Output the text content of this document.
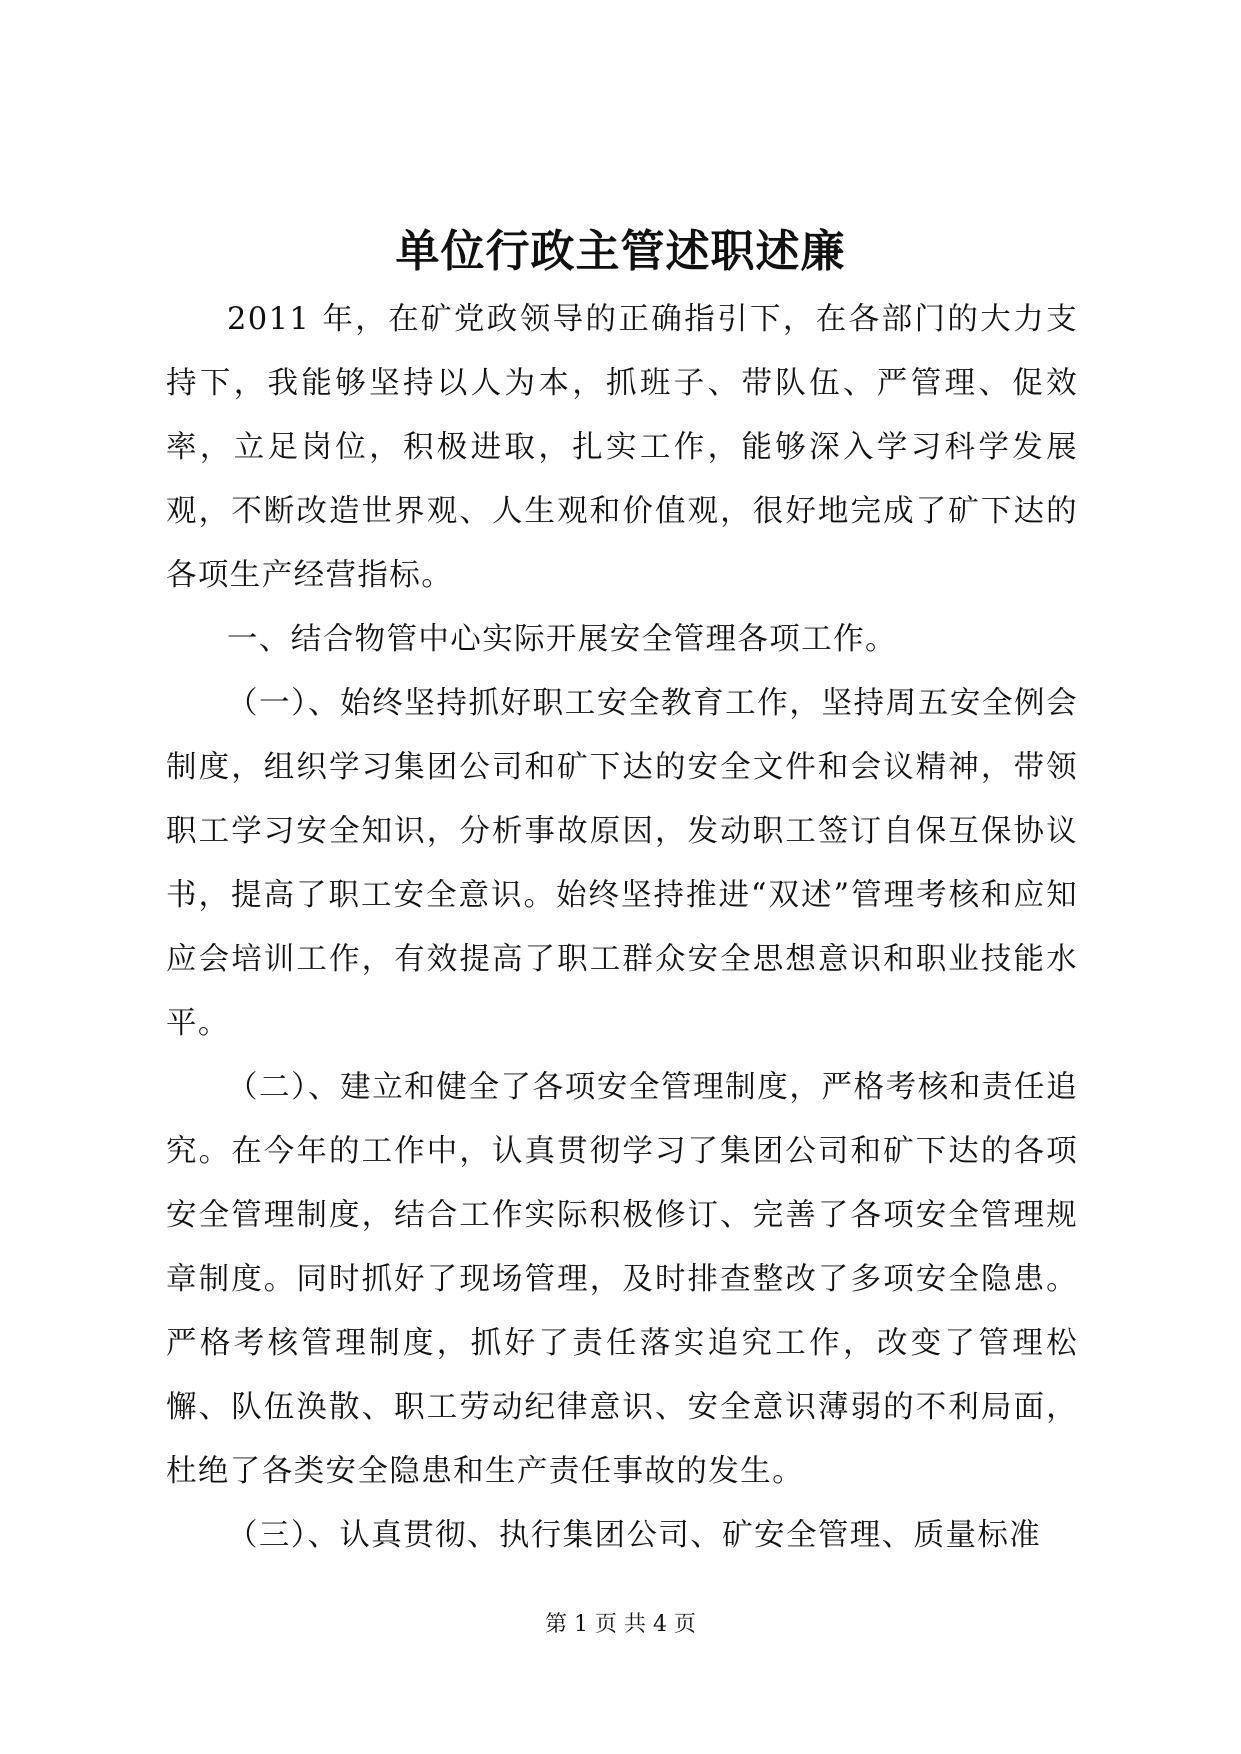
单位行政主管述职述廉

2011 年，在矿党政领导的正确指引下，在各部门的大力支持下，我能够坚持以人为本，抓班子、带队伍、严管理、促效率，立足岗位，积极进取，扎实工作，能够深入学习科学发展观，不断改造世界观、人生观和价值观，很好地完成了矿下达的各项生产经营指标。

一、结合物管中心实际开展安全管理各项工作。

（一）、始终坚持抓好职工安全教育工作，坚持周五安全例会制度，组织学习集团公司和矿下达的安全文件和会议精神，带领职工学习安全知识，分析事故原因，发动职工签订自保互保协议书，提高了职工安全意识。始终坚持推进“双述”管理考核和应知应会培训工作，有效提高了职工群众安全思想意识和职业技能水平。

（二）、建立和健全了各项安全管理制度，严格考核和责任追究。在今年的工作中，认真贯彻学习了集团公司和矿下达的各项安全管理制度，结合工作实际积极修订、完善了各项安全管理规章制度。同时抓好了现场管理，及时排查整改了多项安全隐患。严格考核管理制度，抓好了责任落实追究工作，改变了管理松懈、队伍涣散、职工劳动纪律意识、安全意识薄弱的不利局面，杜绝了各类安全隐患和生产责任事故的发生。

（三）、认真贯彻、执行集团公司、矿安全管理、质量标准

第 1 页 共 4 页
